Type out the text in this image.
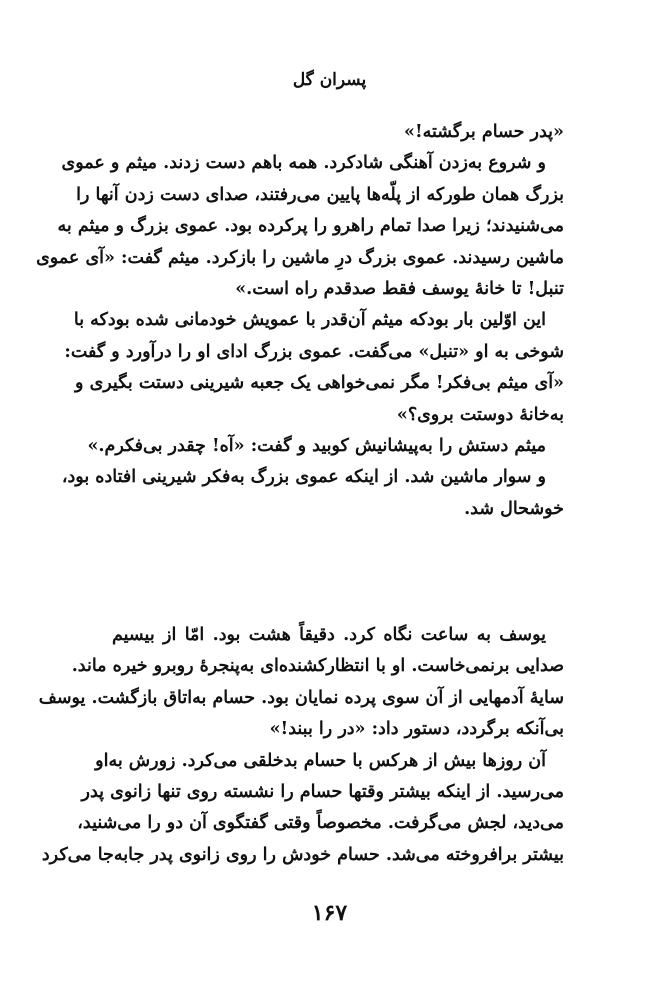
پسران گل
«پدر حسام برگشته!»
و شروع به‌زدن آهنگی شادکرد. همه باهم دست زدند. میثم و عموی
بزرگ همان طورکه از پلّه‌ها پایین می‌رفتند، صدای دست زدن آنها را
می‌شنیدند؛ زیرا صدا تمام راهرو را پرکرده بود. عموی بزرگ و میثم به
ماشین رسیدند. عموی بزرگ درِ ماشین را بازکرد. میثم گفت: «آی عموی
تنبل! تا خانهٔ یوسف فقط صدقدم راه است.»
این اوّلین بار بودکه میثم آن‌قدر با عمویش خودمانی شده بودکه با
شوخی به او «تنبل» می‌گفت. عموی بزرگ ادای او را درآورد و گفت:
«آی میثم بی‌فکر! مگر نمی‌خواهی یک جعبه شیرینی دستت بگیری و
به‌خانهٔ دوستت بروی؟»
میثم دستش را به‌پیشانیش کوبید و گفت: «آه! چقدر بی‌فکرم.»
و سوار ماشین شد. از اینکه عموی بزرگ به‌فکر شیرینی افتاده بود،
خوشحال شد.
یوسف به ساعت نگاه کرد. دقیقاً هشت بود. امّا از بیسیم
صدایی برنمی‌خاست. او با انتظارکشنده‌ای به‌پنجرهٔ روبرو خیره ماند.
سایهٔ آدمهایی از آن سوی پرده نمایان بود. حسام به‌اتاق بازگشت. یوسف
بی‌آنکه برگردد، دستور داد: «در را ببند!»
آن روزها بیش از هرکس با حسام بدخلقی می‌کرد. زورش به‌او
می‌رسید. از اینکه بیشتر وقتها حسام را نشسته روی تنها زانوی پدر
می‌دید، لجش می‌گرفت. مخصوصاً وقتی گفتگوی آن دو را می‌شنید،
بیشتر برافروخته می‌شد. حسام خودش را روی زانوی پدر جابه‌جا می‌کرد
۱۶۷
